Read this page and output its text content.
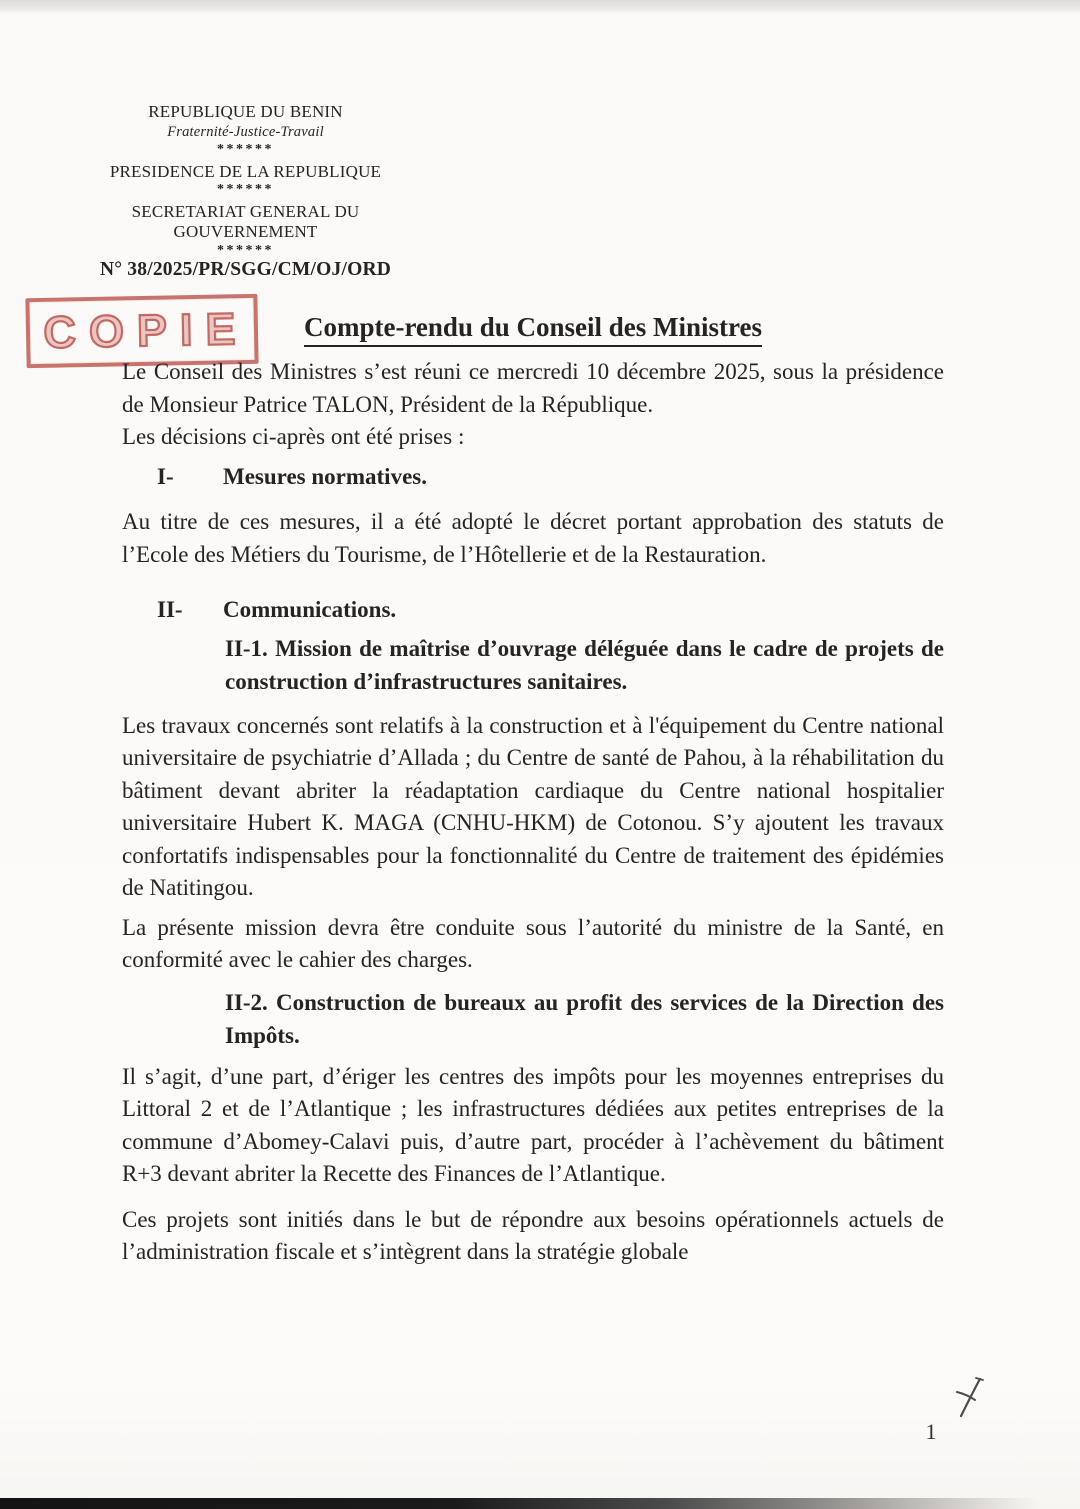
REPUBLIQUE DU BENIN
Fraternité-Justice-Travail
******
PRESIDENCE DE LA REPUBLIQUE
******
SECRETARIAT GENERAL DU
GOUVERNEMENT
******
N° 38/2025/PR/SGG/CM/OJ/ORD
COPIE	Compte-rendu du Conseil des Ministres

Le Conseil des Ministres s’est réuni ce mercredi 10 décembre 2025, sous la présidence de Monsieur Patrice TALON, Président de la République.

Les décisions ci-après ont été prises :

I-	Mesures normatives.

Au titre de ces mesures, il a été adopté le décret portant approbation des statuts de l’Ecole des Métiers du Tourisme, de l’Hôtellerie et de la Restauration.

II-	Communications.

II-1. Mission de maîtrise d’ouvrage déléguée dans le cadre de projets de construction d’infrastructures sanitaires.

Les travaux concernés sont relatifs à la construction et à l'équipement du Centre national universitaire de psychiatrie d’Allada ; du Centre de santé de Pahou, à la réhabilitation du bâtiment devant abriter la réadaptation cardiaque du Centre national hospitalier universitaire Hubert K. MAGA (CNHU-HKM) de Cotonou. S’y ajoutent les travaux confortatifs indispensables pour la fonctionnalité du Centre de traitement des épidémies de Natitingou.

La présente mission devra être conduite sous l’autorité du ministre de la Santé, en conformité avec le cahier des charges.

II-2. Construction de bureaux au profit des services de la Direction des Impôts.

Il s’agit, d’une part, d’ériger les centres des impôts pour les moyennes entreprises du Littoral 2 et de l’Atlantique ; les infrastructures dédiées aux petites entreprises de la commune d’Abomey-Calavi puis, d’autre part, procéder à l’achèvement du bâtiment R+3 devant abriter la Recette des Finances de l’Atlantique.

Ces projets sont initiés dans le but de répondre aux besoins opérationnels actuels de l’administration fiscale et s’intègrent dans la stratégie globale

1
